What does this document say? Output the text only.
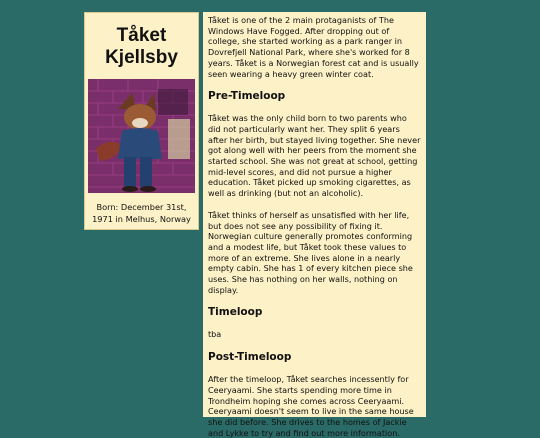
Tåket Kjellsby
Born: December 31st, 1971 in Melhus, Norway

Tåket is one of the 2 main protaganists of The Windows Have Fogged. After dropping out of college, she started working as a park ranger in Dovrefjell National Park, where she's worked for 8 years. Tåket is a Norwegian forest cat and is usually seen wearing a heavy green winter coat.

Pre-Timeloop

Tåket was the only child born to two parents who did not particularly want her. They split 6 years after her birth, but stayed living together. She never got along well with her peers from the moment she started school. She was not great at school, getting mid-level scores, and did not pursue a higher education. Tåket picked up smoking cigarettes, as well as drinking (but not an alcoholic).

Tåket thinks of herself as unsatisfied with her life, but does not see any possibility of fixing it. Norwegian culture generally promotes conforming and a modest life, but Tåket took these values to more of an extreme. She lives alone in a nearly empty cabin. She has 1 of every kitchen piece she uses. She has nothing on her walls, nothing on display.

Timeloop

tba

Post-Timeloop

After the timeloop, Tåket searches incessently for Ceeryaami. She starts spending more time in Trondheim hoping she comes across Ceeryaami. Ceeryaami doesn't seem to live in the same house she did before. She drives to the homes of Jackie and Lykke to try and find out more information.
